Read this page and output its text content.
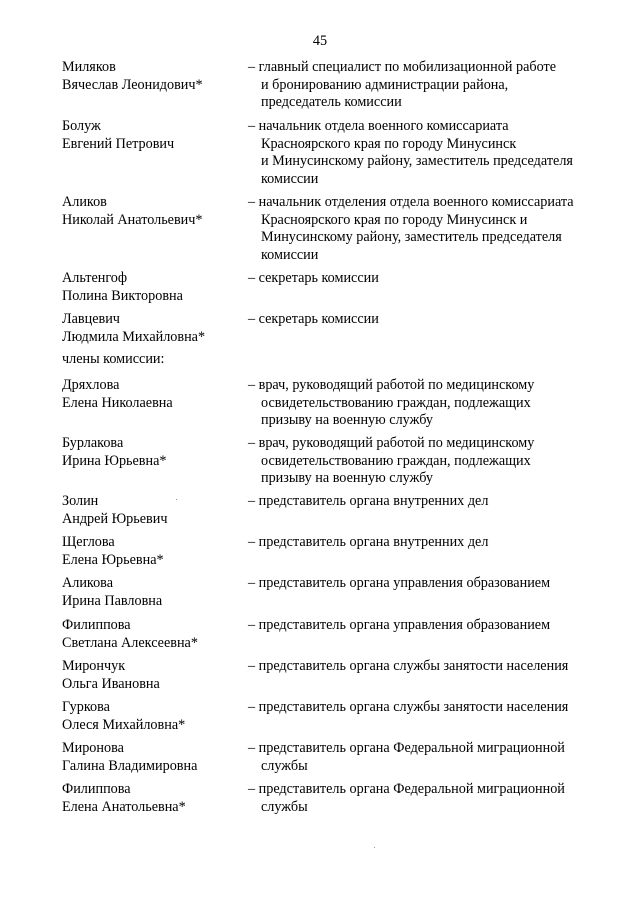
45
члены комиссии:
Миляков
Вячеслав Леонидович*
– главный специалист по мобилизационной работе
и бронированию администрации района,
председатель комиссии
Болуж
Евгений Петрович
– начальник отдела военного комиссариата
Красноярского края по городу Минусинск
и Минусинскому району, заместитель председателя
комиссии
Аликов
Николай Анатольевич*
– начальник отделения отдела военного комиссариата
Красноярского края по городу Минусинск и
Минусинскому району, заместитель председателя
комиссии
Альтенгоф
Полина Викторовна
– секретарь комиссии
Лавцевич
Людмила Михайловна*
– секретарь комиссии
Дряхлова
Елена Николаевна
– врач, руководящий работой по медицинскому
освидетельствованию граждан, подлежащих
призыву на военную службу
Бурлакова
Ирина Юрьевна*
– врач, руководящий работой по медицинскому
освидетельствованию граждан, подлежащих
призыву на военную службу
Золин
Андрей Юрьевич
– представитель органа внутренних дел
Щеглова
Елена Юрьевна*
– представитель органа внутренних дел
Аликова
Ирина Павловна
– представитель органа управления образованием
Филиппова
Светлана Алексеевна*
– представитель органа управления образованием
Мирончук
Ольга Ивановна
– представитель органа службы занятости населения
Гуркова
Олеся Михайловна*
– представитель органа службы занятости населения
Миронова
Галина Владимировна
– представитель органа Федеральной миграционной
службы
Филиппова
Елена Анатольевна*
– представитель органа Федеральной миграционной
службы
